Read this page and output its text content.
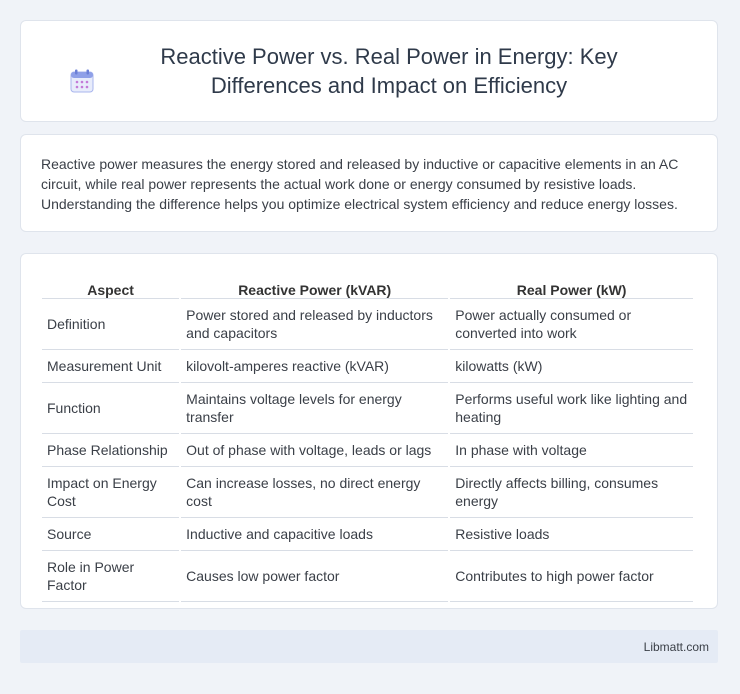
Reactive Power vs. Real Power in Energy: Key Differences and Impact on Efficiency

Reactive power measures the energy stored and released by inductive or capacitive elements in an AC circuit, while real power represents the actual work done or energy consumed by resistive loads. Understanding the difference helps you optimize electrical system efficiency and reduce energy losses.

Aspect	Reactive Power (kVAR)	Real Power (kW)
Definition	Power stored and released by inductors and capacitors	Power actually consumed or converted into work
Measurement Unit	kilovolt-amperes reactive (kVAR)	kilowatts (kW)
Function	Maintains voltage levels for energy transfer	Performs useful work like lighting and heating
Phase Relationship	Out of phase with voltage, leads or lags	In phase with voltage
Impact on Energy Cost	Can increase losses, no direct energy cost	Directly affects billing, consumes energy
Source	Inductive and capacitive loads	Resistive loads
Role in Power Factor	Causes low power factor	Contributes to high power factor
Libmatt.com
